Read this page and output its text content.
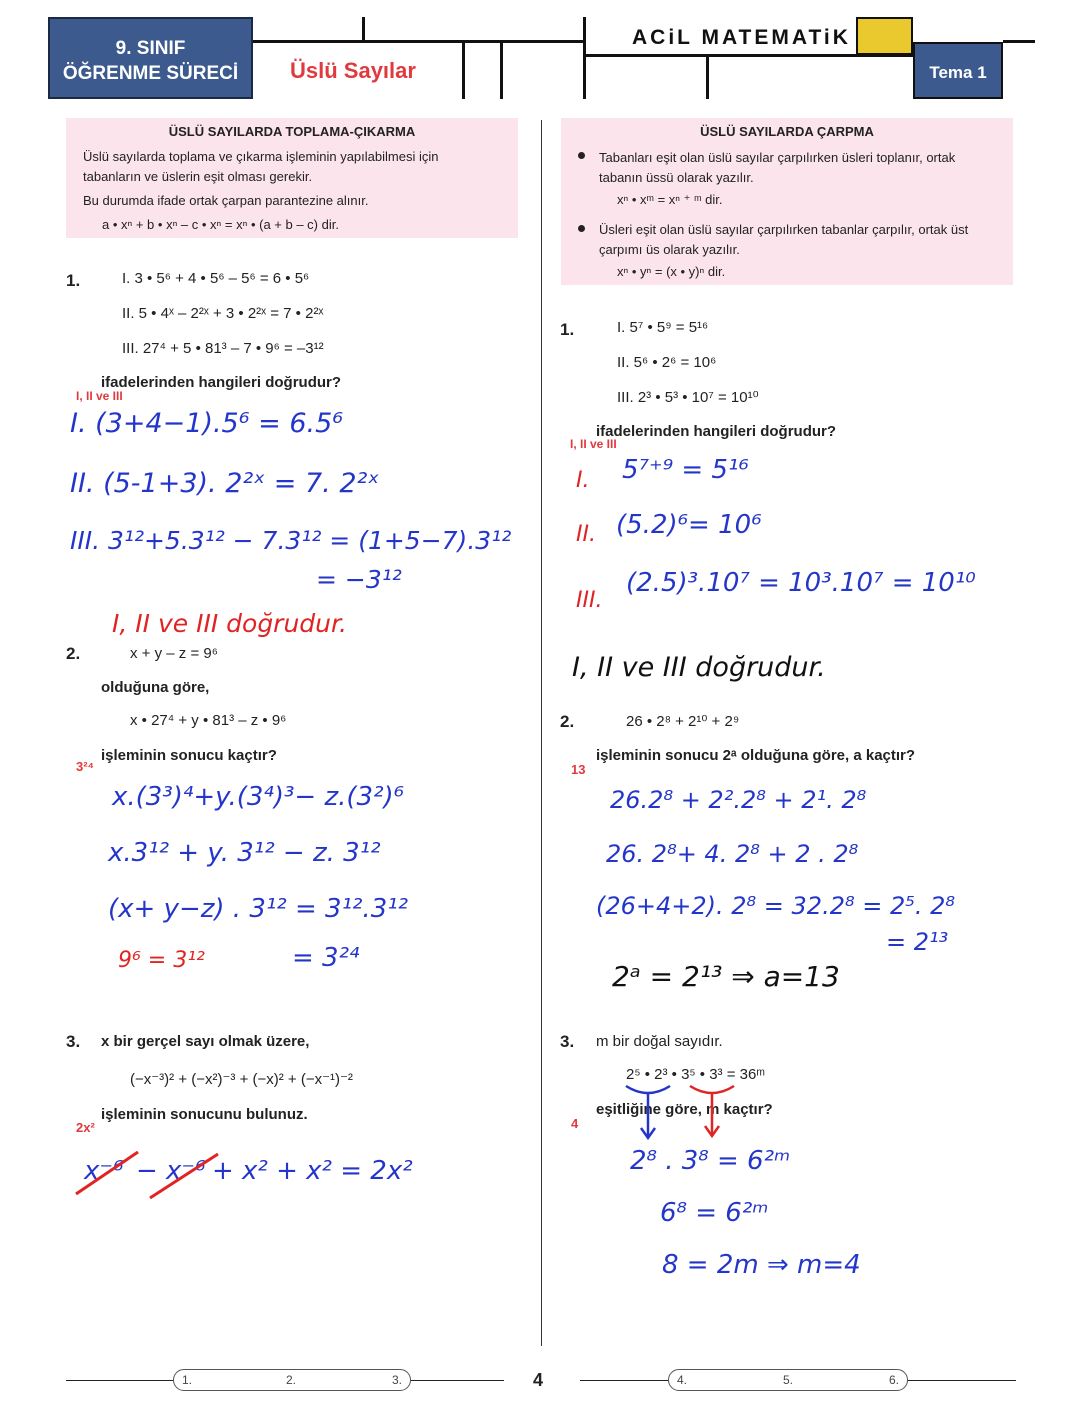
9. SINIF
ÖĞRENME SÜRECİ	Üslü Sayılar
ACiL MATEMATiK
Tema 1
ÜSLÜ SAYILARDA TOPLAMA-ÇIKARMA
Üslü sayılarda toplama ve çıkarma işleminin yapılabilmesi için
tabanların ve üslerin eşit olması gerekir.
Bu durumda ifade ortak çarpan parantezine alınır.
a • xⁿ + b • xⁿ – c • xⁿ = xⁿ • (a + b – c) dir.
ÜSLÜ SAYILARDA ÇARPMA
Tabanları eşit olan üslü sayılar çarpılırken üsleri toplanır, ortak
tabanın üssü olarak yazılır.
xⁿ • xᵐ = xⁿ ⁺ ᵐ dir.
Üsleri eşit olan üslü sayılar çarpılırken tabanlar çarpılır, ortak üst
çarpımı üs olarak yazılır.
xⁿ • yⁿ = (x • y)ⁿ dir.
1.	I. 3 • 5⁶ + 4 • 5⁶ – 5⁶ = 6 • 5⁶
II. 5 • 4ˣ – 2²ˣ + 3 • 2²ˣ = 7 • 2²ˣ
III. 27⁴ + 5 • 81³ – 7 • 9⁶ = –3¹²
ifadelerinden hangileri doğrudur?
I, II ve III
I. (3+4−1).5⁶ = 6.5⁶
II. (5-1+3). 2²ˣ = 7. 2²ˣ
III. 3¹²+5.3¹² − 7.3¹² = (1+5−7).3¹²
= −3¹²
I, II ve III doğrudur.
2.	x + y – z = 9⁶
olduğuna göre,
x • 27⁴ + y • 81³ – z • 9⁶
işleminin sonucu kaçtır?
3²⁴
x.(3³)⁴+y.(3⁴)³− z.(3²)⁶
x.3¹² + y. 3¹² − z. 3¹²
(x+ y−z) . 3¹² = 3¹².3¹²
9⁶ = 3¹²	= 3²⁴
3. x bir gerçel sayı olmak üzere,
(−x⁻³)² + (−x²)⁻³ + (−x)² + (−x⁻¹)⁻²
işleminin sonucunu bulunuz.
2x²
x⁻⁶ − x⁻⁶ + x² + x² = 2x²
1.	I. 5⁷ • 5⁹ = 5¹⁶
II. 5⁶ • 2⁶ = 10⁶
III. 2³ • 5³ • 10⁷ = 10¹⁰
ifadelerinden hangileri doğrudur?
I, II ve III
I. 5⁷⁺⁹ = 5¹⁶
II. (5.2)⁶= 10⁶
III.
(2.5)³.10⁷ = 10³.10⁷ = 10¹⁰
I, II ve III doğrudur.
2.	26 • 2⁸ + 2¹⁰ + 2⁹
işleminin sonucu 2ᵃ olduğuna göre, a kaçtır?
13
26.2⁸ + 2².2⁸ + 2¹. 2⁸
26. 2⁸+ 4. 2⁸ + 2 . 2⁸
(26+4+2). 2⁸ = 32.2⁸ = 2⁵. 2⁸
= 2¹³
2ᵃ = 2¹³ ⇒ a=13
3. m bir doğal sayıdır.
2⁵ • 2³ • 3⁵ • 3³ = 36ᵐ
eşitliğine göre, m kaçtır?
4
2⁸ . 3⁸ = 6²ᵐ
6⁸ = 6²ᵐ
8 = 2m ⇒ m=4
1.	2.	3.	4.	5.	6.
4
